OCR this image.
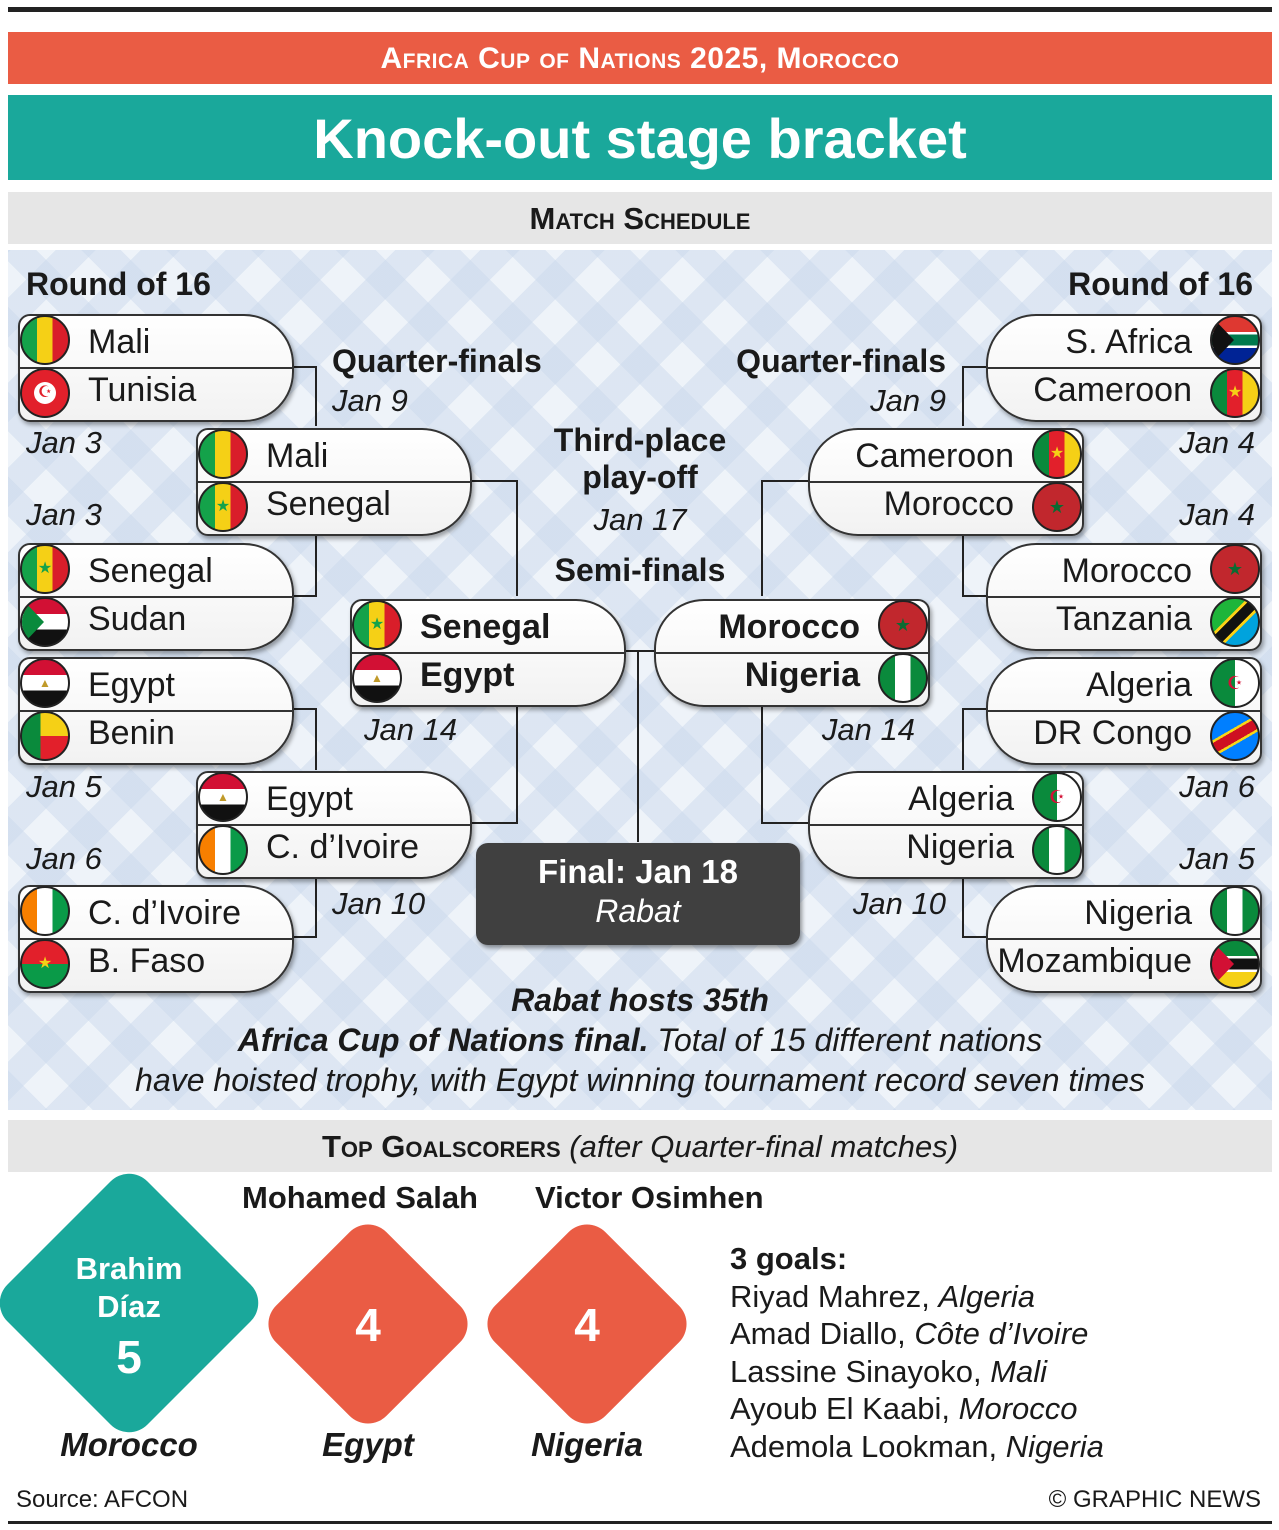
Africa Cup of Nations 2025, Morocco
Knock-out stage bracket
Match Schedule
Round of 16	Round of 16
Quarter-finals
Jan 9
Quarter-finals
Jan 9
Third-place
play-off
Jan 17
Semi-finals
Mali
☪ Tunisia
Jan 3
Jan 3
★ Senegal
Sudan
▲ Egypt
Benin
Jan 5
Jan 6
C. d’Ivoire
★ B. Faso
Mali
★ Senegal
▲ Egypt
C. d’Ivoire
Jan 10
★ Senegal
▲ Egypt
Jan 14
S. Africa
★
Cameroon
Jan 4
Jan 4
★
Morocco
Tanzania
☪
Algeria
DR Congo
Jan 6
Jan 5
Nigeria
Mozambique
★
Cameroon
★
Morocco
☪
Algeria
Nigeria
Jan 10
★
Morocco
Nigeria
Jan 14
Final: Jan 18
Rabat
Rabat hosts 35th
Africa Cup of Nations final. Total of 15 different nations
have hoisted trophy, with Egypt winning tournament record seven times
Top Goalscorers (after Quarter-final matches)
Brahim
Díaz
5
Morocco
Mohamed Salah
4
Egypt
Victor Osimhen
4
Nigeria
3 goals:
Riyad Mahrez, Algeria
Amad Diallo, Côte d’Ivoire
Lassine Sinayoko, Mali
Ayoub El Kaabi, Morocco
Ademola Lookman, Nigeria
Source: AFCON	© GRAPHIC NEWS
